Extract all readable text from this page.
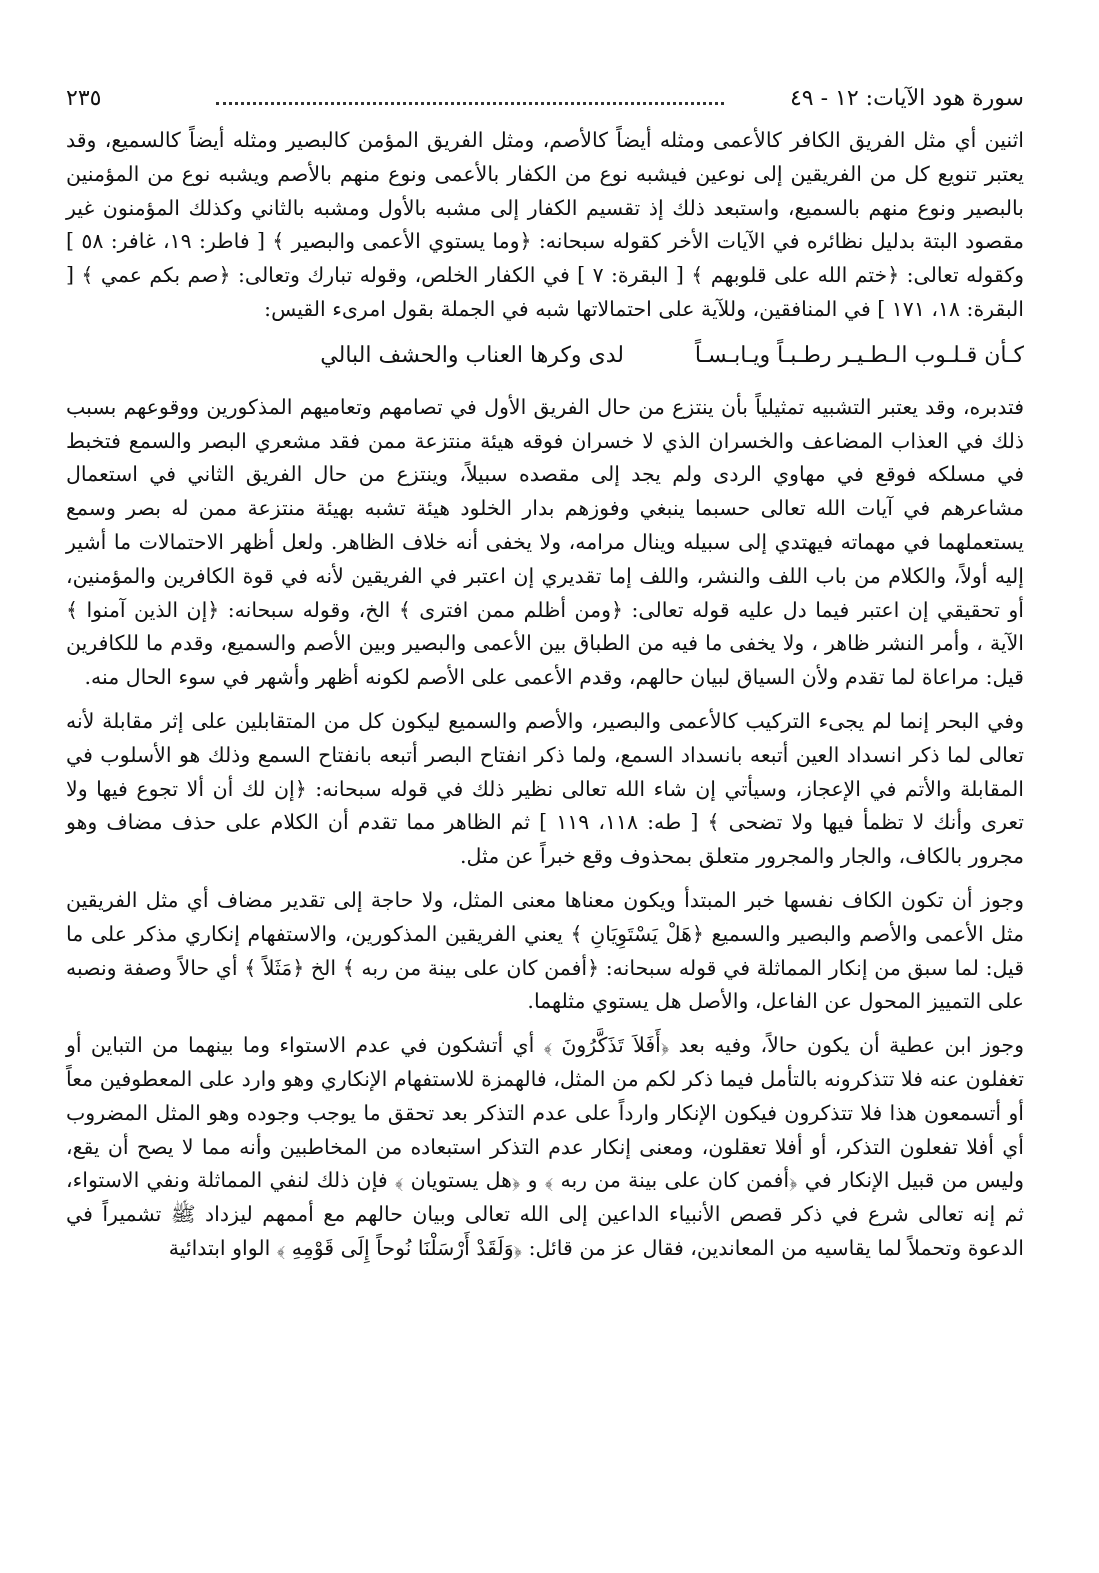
سورة هود الآيات: ١٢ - ٤٩
٢٣٥

اثنين أي مثل الفريق الكافر كالأعمى ومثله أيضاً كالأصم، ومثل الفريق المؤمن كالبصير ومثله أيضاً كالسميع، وقد يعتبر تنويع كل من الفريقين إلى نوعين فيشبه نوع من الكفار بالأعمى ونوع منهم بالأصم ويشبه نوع من المؤمنين بالبصير ونوع منهم بالسميع، واستبعد ذلك إذ تقسيم الكفار إلى مشبه بالأول ومشبه بالثاني وكذلك المؤمنون غير مقصود البتة بدليل نظائره في الآيات الأخر كقوله سبحانه: ﴿وما يستوي الأعمى والبصير ﴾ [ فاطر: ١٩، غافر: ٥٨ ] وكقوله تعالى: ﴿ختم الله على قلوبهم ﴾ [ البقرة: ٧ ] في الكفار الخلص، وقوله تبارك وتعالى: ﴿صم بكم عمي ﴾ [ البقرة: ١٨، ١٧١ ] في المنافقين، وللآية على احتمالاتها شبه في الجملة بقول امرىء القيس:

كـأن قـلـوب الـطـيـر رطـبـاً ويـابـسـاً
لدى وكرها العناب والحشف البالي

فتدبره، وقد يعتبر التشبيه تمثيلياً بأن ينتزع من حال الفريق الأول في تصامهم وتعاميهم المذكورين ووقوعهم بسبب ذلك في العذاب المضاعف والخسران الذي لا خسران فوقه هيئة منتزعة ممن فقد مشعري البصر والسمع فتخبط في مسلكه فوقع في مهاوي الردى ولم يجد إلى مقصده سبيلاً، وينتزع من حال الفريق الثاني في استعمال مشاعرهم في آيات الله تعالى حسبما ينبغي وفوزهم بدار الخلود هيئة تشبه بهيئة منتزعة ممن له بصر وسمع يستعملهما في مهماته فيهتدي إلى سبيله وينال مرامه، ولا يخفى أنه خلاف الظاهر. ولعل أظهر الاحتمالات ما أشير إليه أولاً، والكلام من باب اللف والنشر، واللف إما تقديري إن اعتبر في الفريقين لأنه في قوة الكافرين والمؤمنين، أو تحقيقي إن اعتبر فيما دل عليه قوله تعالى: ﴿ومن أظلم ممن افترى ﴾ الخ، وقوله سبحانه: ﴿إن الذين آمنوا ﴾ الآية ، وأمر النشر ظاهر ، ولا يخفى ما فيه من الطباق بين الأعمى والبصير وبين الأصم والسميع، وقدم ما للكافرين قيل: مراعاة لما تقدم ولأن السياق لبيان حالهم، وقدم الأعمى على الأصم لكونه أظهر وأشهر في سوء الحال منه.

وفي البحر إنما لم يجىء التركيب كالأعمى والبصير، والأصم والسميع ليكون كل من المتقابلين على إثر مقابلة لأنه تعالى لما ذكر انسداد العين أتبعه بانسداد السمع، ولما ذكر انفتاح البصر أتبعه بانفتاح السمع وذلك هو الأسلوب في المقابلة والأتم في الإعجاز، وسيأتي إن شاء الله تعالى نظير ذلك في قوله سبحانه: ﴿إن لك أن ألا تجوع فيها ولا تعرى وأنك لا تظمأ فيها ولا تضحى ﴾ [ طه: ١١٨، ١١٩ ] ثم الظاهر مما تقدم أن الكلام على حذف مضاف وهو مجرور بالكاف، والجار والمجرور متعلق بمحذوف وقع خبراً عن مثل.

وجوز أن تكون الكاف نفسها خبر المبتدأ ويكون معناها معنى المثل، ولا حاجة إلى تقدير مضاف أي مثل الفريقين مثل الأعمى والأصم والبصير والسميع ﴿هَلْ يَسْتَوِيَانِ ﴾ يعني الفريقين المذكورين، والاستفهام إنكاري مذكر على ما قيل: لما سبق من إنكار المماثلة في قوله سبحانه: ﴿أفمن كان على بينة من ربه ﴾ الخ ﴿مَثَلاً ﴾ أي حالاً وصفة ونصبه على التمييز المحول عن الفاعل، والأصل هل يستوي مثلهما.

وجوز ابن عطية أن يكون حالاً، وفيه بعد ﴿أَفَلاَ تَذَكَّرُونَ ﴾ أي أتشكون في عدم الاستواء وما بينهما من التباين أو تغفلون عنه فلا تتذكرونه بالتأمل فيما ذكر لكم من المثل، فالهمزة للاستفهام الإنكاري وهو وارد على المعطوفين معاً أو أتسمعون هذا فلا تتذكرون فيكون الإنكار وارداً على عدم التذكر بعد تحقق ما يوجب وجوده وهو المثل المضروب أي أفلا تفعلون التذكر، أو أفلا تعقلون، ومعنى إنكار عدم التذكر استبعاده من المخاطبين وأنه مما لا يصح أن يقع، وليس من قبيل الإنكار في ﴿أفمن كان على بينة من ربه ﴾ و ﴿هل يستويان ﴾ فإن ذلك لنفي المماثلة ونفي الاستواء، ثم إنه تعالى شرع في ذكر قصص الأنبياء الداعين إلى الله تعالى وبيان حالهم مع أممهم ليزداد ﷺ تشميراً في الدعوة وتحملاً لما يقاسيه من المعاندين، فقال عز من قائل: ﴿وَلَقَدْ أَرْسَلْنَا نُوحاً إِلَى قَوْمِهِ ﴾ الواو ابتدائية
